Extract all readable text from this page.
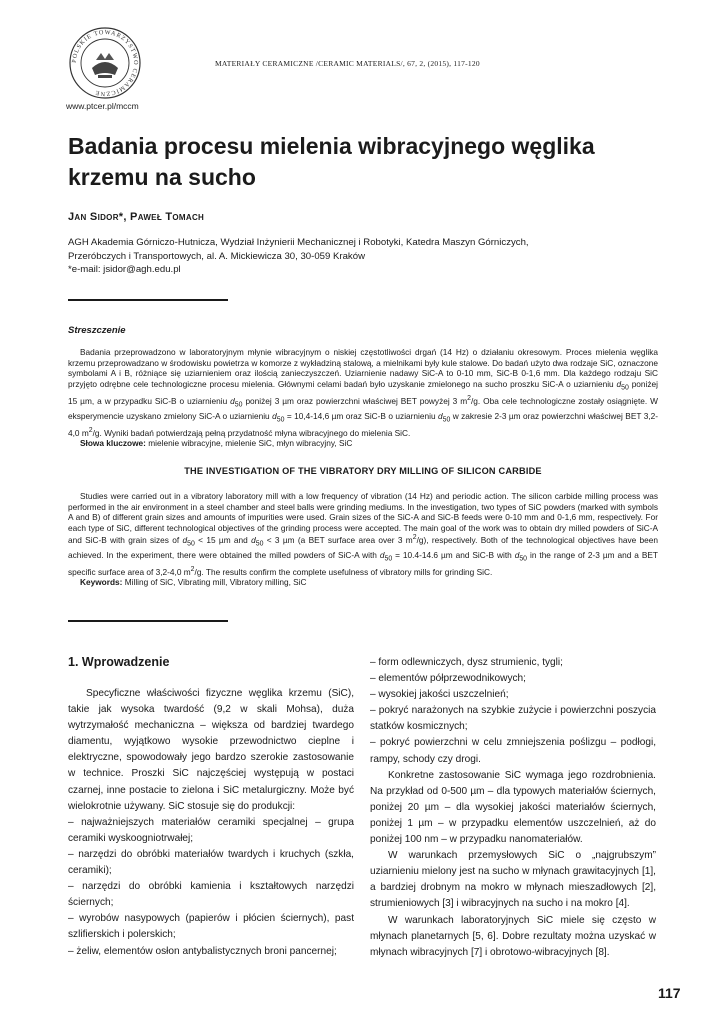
POLSKIE TOWARZYSTWO CERAMICZNE
www.ptcer.pl/mccm
MATERIAŁY CERAMICZNE /CERAMIC MATERIALS/, 67, 2, (2015), 117-120
Badania procesu mielenia wibracyjnego węglika krzemu na sucho
Jan Sidor*, Paweł Tomach
AGH Akademia Górniczo-Hutnicza, Wydział Inżynierii Mechanicznej i Robotyki, Katedra Maszyn Górniczych,
Przeróbczych i Transportowych, al. A. Mickiewicza 30, 30-059 Kraków
*e-mail: jsidor@agh.edu.pl
Streszczenie

Badania przeprowadzono w laboratoryjnym młynie wibracyjnym o niskiej częstotliwości drgań (14 Hz) o działaniu okresowym. Proces mielenia węglika krzemu przeprowadzano w środowisku powietrza w komorze z wykładziną stalową, a mielnikami były kule stalowe. Do badań użyto dwa rodzaje SiC, oznaczone symbolami A i B, różniące się uziarnieniem oraz ilością zanieczyszczeń. Uziarnienie nadawy SiC-A to 0-10 mm, SiC-B 0-1,6 mm. Dla każdego rodzaju SiC przyjęto odrębne cele technologiczne procesu mielenia. Głównymi celami badań było uzyskanie zmielonego na sucho proszku SiC-A o uziarnieniu $d_{50}$ poniżej 15 µm, a w przypadku SiC-B o uziarnieniu $d_{50}$ poniżej 3 µm oraz powierzchni właściwej BET powyżej 3 $m^2/g$. Oba cele technologiczne zostały osiągnięte. W eksperymencie uzyskano zmielony SiC-A o uziarnieniu $d_{50} = 10,4-14,6$ µm oraz SiC-B o uziarnieniu $d_{50}$ w zakresie 2-3 µm oraz powierzchni właściwej BET 3,2-4,0 $m^2/g$. Wyniki badań potwierdzają pełną przydatność młyna wibracyjnego do mielenia SiC.

Słowa kluczowe: mielenie wibracyjne, mielenie SiC, młyn wibracyjny, SiC

THE INVESTIGATION OF THE VIBRATORY DRY MILLING OF SILICON CARBIDE

Studies were carried out in a vibratory laboratory mill with a low frequency of vibration (14 Hz) and periodic action. The silicon carbide milling process was performed in the air environment in a steel chamber and steel balls were grinding mediums. In the investigation, two types of SiC powders (marked with symbols A and B) of different grain sizes and amounts of impurities were used. Grain sizes of the SiC-A and SiC-B feeds were 0-10 mm and 0-1,6 mm, respectively. For each type of SiC, different technological objectives of the grinding process were accepted. The main goal of the work was to obtain dry milled powders of SiC-A and SiC-B with grain sizes of $d_{50} < 15$ µm and $d_{50} < 3$ µm (a BET surface area over 3 $m^2/g$), respectively. Both of the technological objectives have been achieved. In the experiment, there were obtained the milled powders of SiC-A with $d_{50} = 10.4-14.6$ µm and SiC-B with $d_{50}$ in the range of 2-3 µm and a BET specific surface area of 3,2-4,0 $m^2/g$. The results confirm the complete usefulness of vibratory mills for grinding SiC.

Keywords: Milling of SiC, Vibrating mill, Vibratory milling, SiC

1. Wprowadzenie

Specyficzne właściwości fizyczne węglika krzemu (SiC), takie jak wysoka twardość (9,2 w skali Mohsa), duża wytrzymałość mechaniczna – większa od bardziej twardego diamentu, wyjątkowo wysokie przewodnictwo cieplne i elektryczne, spowodowały jego bardzo szerokie zastosowanie w technice. Proszki SiC najczęściej występują w postaci czarnej, inne postacie to zielona i SiC metalurgiczny. Może być wielokrotnie używany. SiC stosuje się do produkcji:

– najważniejszych materiałów ceramiki specjalnej – grupa ceramiki wyskoogniotrwałej;

– narzędzi do obróbki materiałów twardych i kruchych (szkła, ceramiki);

– narzędzi do obróbki kamienia i kształtowych narzędzi ściernych;

– wyrobów nasypowych (papierów i płócien ściernych), past szlifierskich i polerskich;

– żeliw, elementów osłon antybalistycznych broni pancernej;

– form odlewniczych, dysz strumienic, tygli;

– elementów półprzewodnikowych;

– wysokiej jakości uszczelnień;

– pokryć narażonych na szybkie zużycie i powierzchni poszycia statków kosmicznych;

– pokryć powierzchni w celu zmniejszenia poślizgu – podłogi, rampy, schody czy drogi.

Konkretne zastosowanie SiC wymaga jego rozdrobnienia. Na przykład od 0-500 µm – dla typowych materiałów ściernych, poniżej 20 µm – dla wysokiej jakości materiałów ściernych, poniżej 1 µm – w przypadku elementów uszczelnień, aż do poniżej 100 nm – w przypadku nanomateriałów.

W warunkach przemysłowych SiC o „najgrubszym” uziarnieniu mielony jest na sucho w młynach grawitacyjnych [1], a bardziej drobnym na mokro w młynach mieszadłowych [2], strumieniowych [3] i wibracyjnych na sucho i na mokro [4].

W warunkach laboratoryjnych SiC miele się często w młynach planetarnych [5, 6]. Dobre rezultaty można uzyskać w młynach wibracyjnych [7] i obrotowo-wibracyjnych [8].

117
